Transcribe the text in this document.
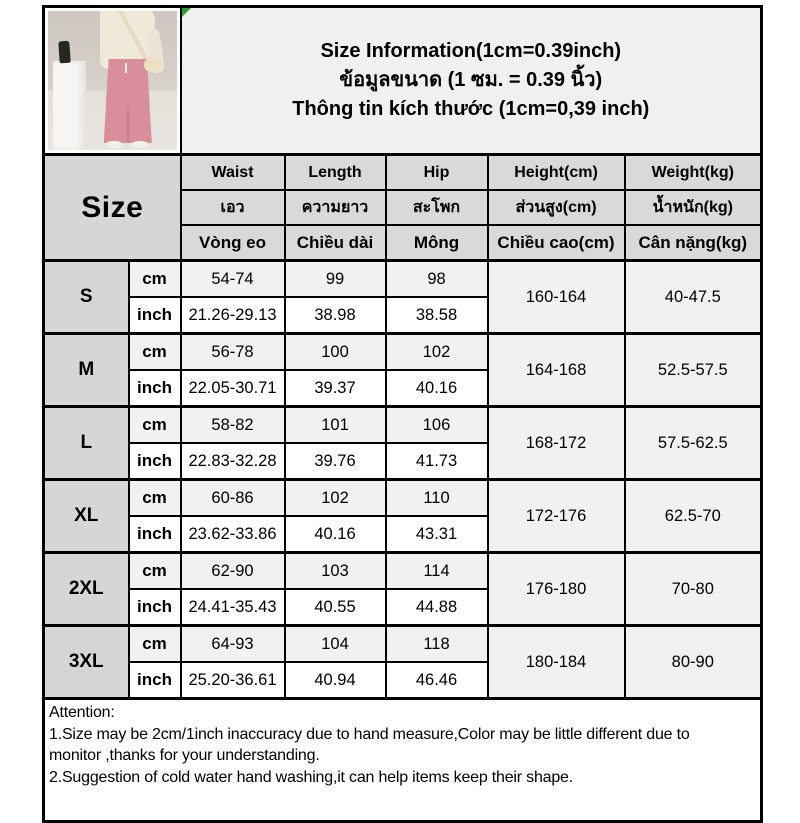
		Size Information(1cm=0.39inch)
ข้อมูลขนาด (1 ซม. = 0.39 นิ้ว)
Thông tin kích thước (1cm=0,39 inch)				

Size		Waist	Length	Hip	Height(cm)	Weight(kg)
		เอว	ความยาว	สะโพก	ส่วนสูง(cm)	น้ำหนัก(kg)
		Vòng eo	Chiều dài	Mông	Chiều cao(cm)	Cân nặng(kg)
S	cm	54-74	99	98	160-164	40-47.5
	inch	21.26-29.13	38.98	38.58		
M	cm	56-78	100	102	164-168	52.5-57.5
	inch	22.05-30.71	39.37	40.16		
L	cm	58-82	101	106	168-172	57.5-62.5
	inch	22.83-32.28	39.76	41.73		
XL	cm	60-86	102	110	172-176	62.5-70
	inch	23.62-33.86	40.16	43.31		
2XL	cm	62-90	103	114	176-180	70-80
	inch	24.41-35.43	40.55	44.88		
3XL	cm	64-93	104	118	180-184	80-90
	inch	25.20-36.61	40.94	46.46		

Attention:
1.Size may be 2cm/1inch inaccuracy due to hand measure,Color may be little different due to
monitor ,thanks for your understanding.
2.Suggestion of cold water hand washing,it can help items keep their shape.						
